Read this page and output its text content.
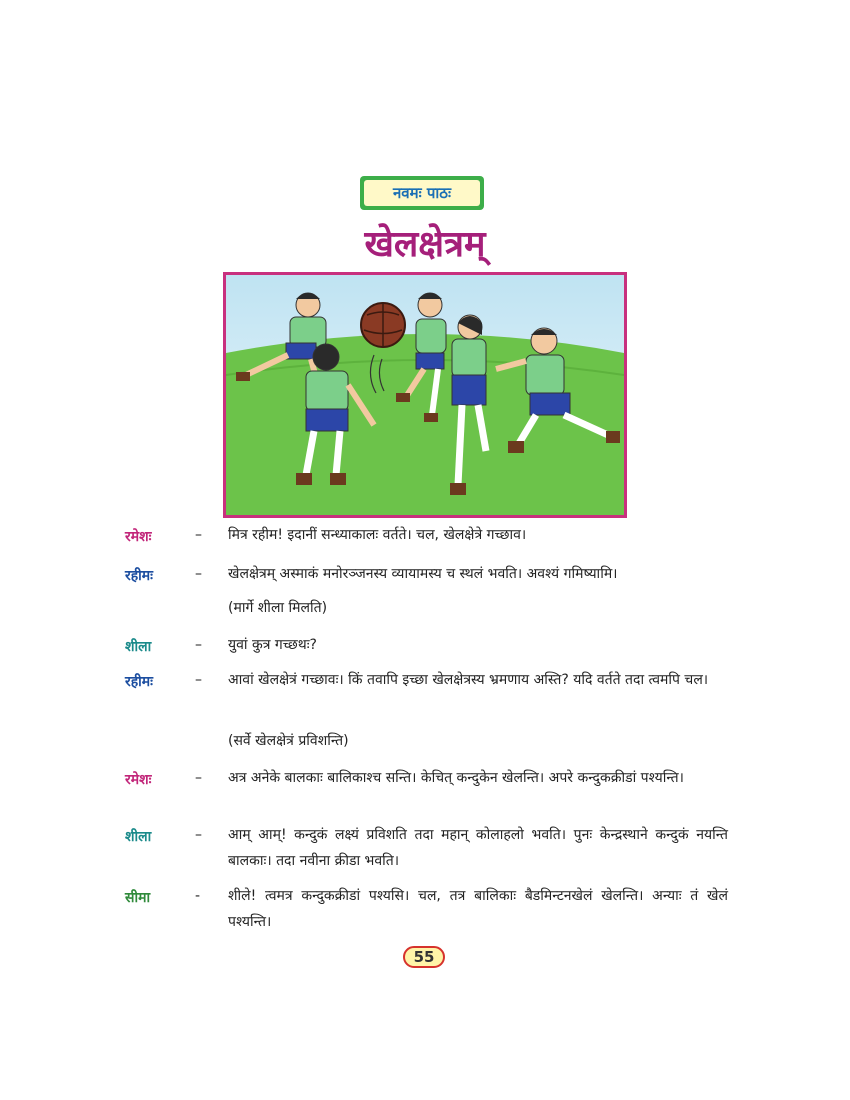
नवमः पाठः
खेलक्षेत्रम्
रमेशः	– मित्र रहीम! इदानीं सन्ध्याकालः वर्तते। चल, खेलक्षेत्रे गच्छाव।
रहीमः	– खेलक्षेत्रम् अस्माकं मनोरञ्जनस्य व्यायामस्य च स्थलं भवति। अवश्यं गमिष्यामि।
(मार्गे शीला मिलति)
शीला	– युवां कुत्र गच्छथः?
रहीमः	– आवां खेलक्षेत्रं गच्छावः। किं तवापि इच्छा खेलक्षेत्रस्य भ्रमणाय अस्ति? यदि वर्तते तदा त्वमपि चल।
(सर्वे खेलक्षेत्रं प्रविशन्ति)
रमेशः	– अत्र अनेके बालकाः बालिकाश्च सन्ति। केचित् कन्दुकेन खेलन्ति। अपरे कन्दुकक्रीडां पश्यन्ति।
शीला	– आम् आम्! कन्दुकं लक्ष्यं प्रविशति तदा महान् कोलाहलो भवति। पुनः केन्द्रस्थाने कन्दुकं नयन्ति बालकाः। तदा नवीना क्रीडा भवति।
सीमा	- शीले! त्वमत्र कन्दुकक्रीडां पश्यसि। चल, तत्र बालिकाः बैडमिन्टनखेलं खेलन्ति। अन्याः तं खेलं पश्यन्ति।
55
